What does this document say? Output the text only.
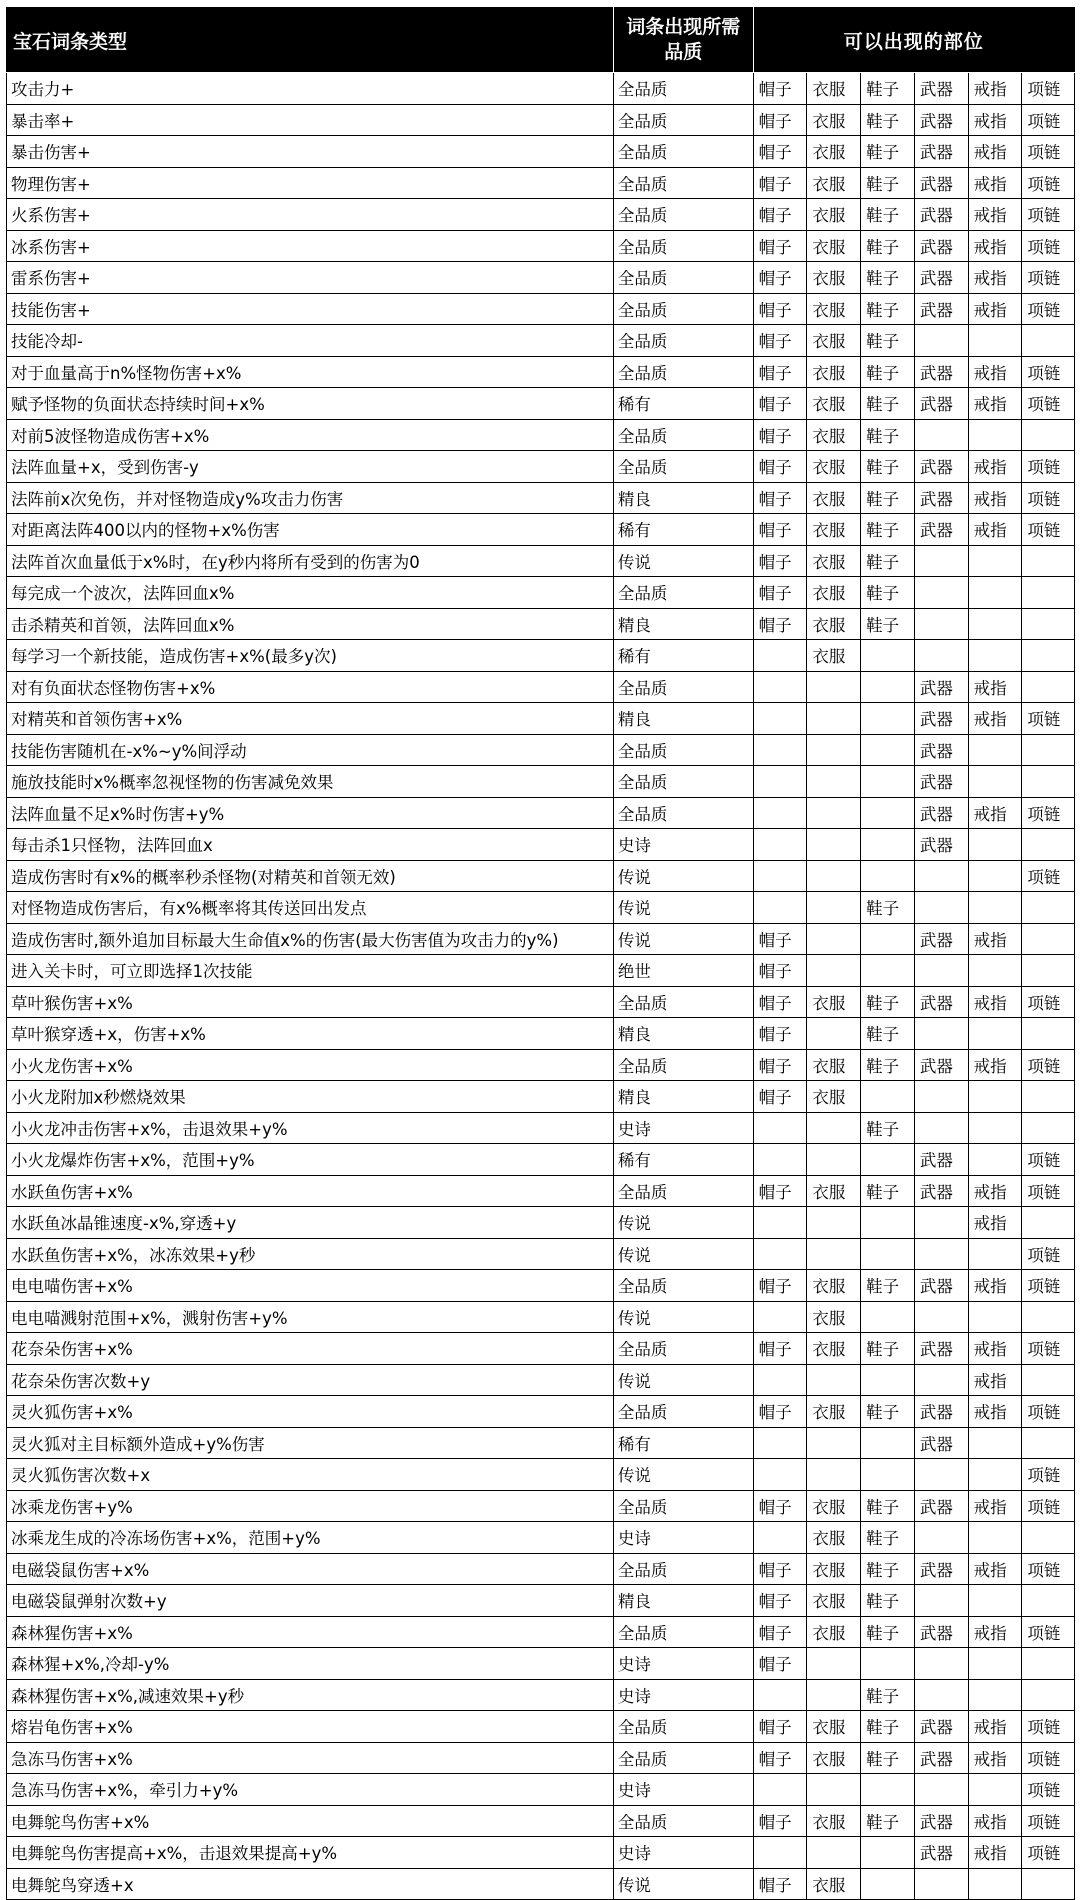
宝石词条类型	词条出现所需
品质	可以出现的部位					
攻击力+	全品质	帽子	衣服	鞋子	武器	戒指	项链
暴击率+	全品质	帽子	衣服	鞋子	武器	戒指	项链
暴击伤害+	全品质	帽子	衣服	鞋子	武器	戒指	项链
物理伤害+	全品质	帽子	衣服	鞋子	武器	戒指	项链
火系伤害+	全品质	帽子	衣服	鞋子	武器	戒指	项链
冰系伤害+	全品质	帽子	衣服	鞋子	武器	戒指	项链
雷系伤害+	全品质	帽子	衣服	鞋子	武器	戒指	项链
技能伤害+	全品质	帽子	衣服	鞋子	武器	戒指	项链
技能冷却-	全品质	帽子	衣服	鞋子			
对于血量高于n%怪物伤害+x%	全品质	帽子	衣服	鞋子	武器	戒指	项链
赋予怪物的负面状态持续时间+x%	稀有	帽子	衣服	鞋子	武器	戒指	项链
对前5波怪物造成伤害+x%	全品质	帽子	衣服	鞋子			
法阵血量+x，受到伤害-y	全品质	帽子	衣服	鞋子	武器	戒指	项链
法阵前x次免伤，并对怪物造成y%攻击力伤害	精良	帽子	衣服	鞋子	武器	戒指	项链
对距离法阵400以内的怪物+x%伤害	稀有	帽子	衣服	鞋子	武器	戒指	项链
法阵首次血量低于x%时，在y秒内将所有受到的伤害为0	传说	帽子	衣服	鞋子			
每完成一个波次，法阵回血x%	全品质	帽子	衣服	鞋子			
击杀精英和首领，法阵回血x%	精良	帽子	衣服	鞋子			
每学习一个新技能，造成伤害+x%(最多y次)	稀有		衣服				
对有负面状态怪物伤害+x%	全品质				武器	戒指	
对精英和首领伤害+x%	精良				武器	戒指	项链
技能伤害随机在-x%~y%间浮动	全品质				武器		
施放技能时x%概率忽视怪物的伤害减免效果	全品质				武器		
法阵血量不足x%时伤害+y%	全品质				武器	戒指	项链
每击杀1只怪物，法阵回血x	史诗				武器		
造成伤害时有x%的概率秒杀怪物(对精英和首领无效)	传说						项链
对怪物造成伤害后，有x%概率将其传送回出发点	传说			鞋子			
造成伤害时,额外追加目标最大生命值x%的伤害(最大伤害值为攻击力的y%)	传说	帽子			武器	戒指	
进入关卡时，可立即选择1次技能	绝世	帽子					
草叶猴伤害+x%	全品质	帽子	衣服	鞋子	武器	戒指	项链
草叶猴穿透+x，伤害+x%	精良	帽子		鞋子			
小火龙伤害+x%	全品质	帽子	衣服	鞋子	武器	戒指	项链
小火龙附加x秒燃烧效果	精良	帽子	衣服				
小火龙冲击伤害+x%，击退效果+y%	史诗			鞋子			
小火龙爆炸伤害+x%，范围+y%	稀有				武器		项链
水跃鱼伤害+x%	全品质	帽子	衣服	鞋子	武器	戒指	项链
水跃鱼冰晶锥速度-x%,穿透+y	传说					戒指	
水跃鱼伤害+x%，冰冻效果+y秒	传说						项链
电电喵伤害+x%	全品质	帽子	衣服	鞋子	武器	戒指	项链
电电喵溅射范围+x%，溅射伤害+y%	传说		衣服				
花奈朵伤害+x%	全品质	帽子	衣服	鞋子	武器	戒指	项链
花奈朵伤害次数+y	传说					戒指	
灵火狐伤害+x%	全品质	帽子	衣服	鞋子	武器	戒指	项链
灵火狐对主目标额外造成+y%伤害	稀有				武器		
灵火狐伤害次数+x	传说						项链
冰乘龙伤害+y%	全品质	帽子	衣服	鞋子	武器	戒指	项链
冰乘龙生成的冷冻场伤害+x%，范围+y%	史诗		衣服	鞋子			
电磁袋鼠伤害+x%	全品质	帽子	衣服	鞋子	武器	戒指	项链
电磁袋鼠弹射次数+y	精良	帽子	衣服	鞋子			
森林猩伤害+x%	全品质	帽子	衣服	鞋子	武器	戒指	项链
森林猩+x%,冷却-y%	史诗	帽子					
森林猩伤害+x%,减速效果+y秒	史诗			鞋子			
熔岩龟伤害+x%	全品质	帽子	衣服	鞋子	武器	戒指	项链
急冻马伤害+x%	全品质	帽子	衣服	鞋子	武器	戒指	项链
急冻马伤害+x%，牵引力+y%	史诗						项链
电舞鸵鸟伤害+x%	全品质	帽子	衣服	鞋子	武器	戒指	项链
电舞鸵鸟伤害提高+x%，击退效果提高+y%	史诗				武器	戒指	项链
电舞鸵鸟穿透+x	传说	帽子	衣服				
